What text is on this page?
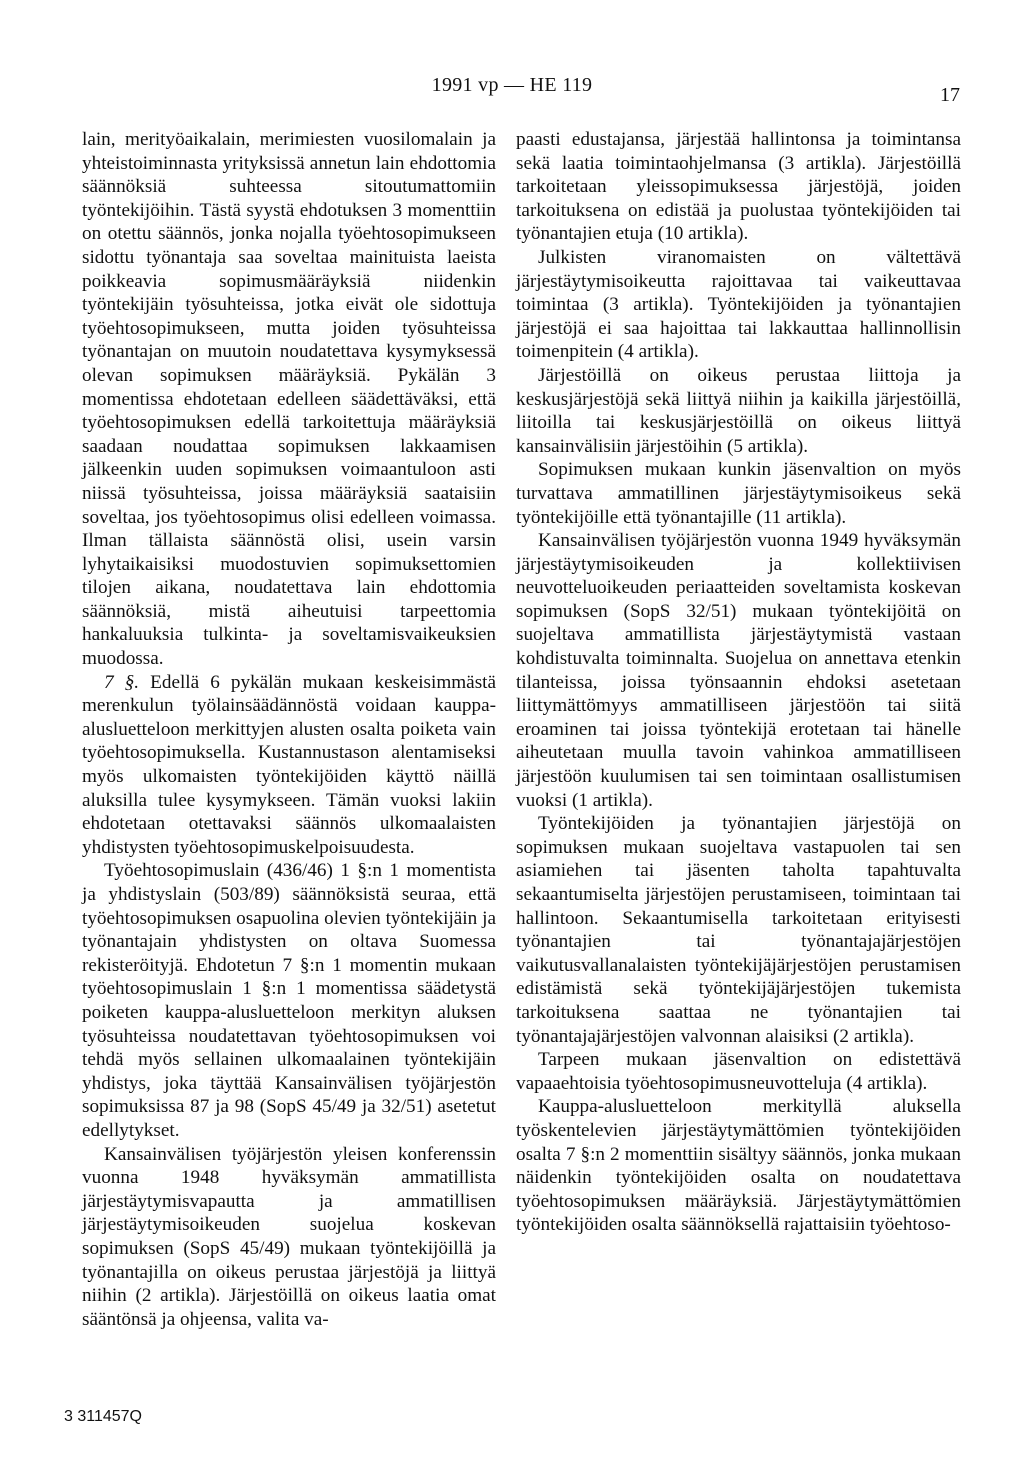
1991 vp — HE 119	17

lain, merityöaikalain, merimiesten vuosilomalain ja yhteistoiminnasta yrityksissä annetun lain ehdottomia säännöksiä suhteessa sitoutumattomiin työntekijöihin. Tästä syystä ehdotuksen 3 momenttiin on otettu säännös, jonka nojalla työehtosopimukseen sidottu työnantaja saa soveltaa mainituista laeista poikkeavia sopimusmääräyksiä niidenkin työntekijäin työsuhteissa, jotka eivät ole sidottuja työehtosopimukseen, mutta joiden työsuhteissa työnantajan on muutoin noudatettava kysymyksessä olevan sopimuksen määräyksiä. Pykälän 3 momentissa ehdotetaan edelleen säädettäväksi, että työehtosopimuksen edellä tarkoitettuja määräyksiä saadaan noudattaa sopimuksen lakkaamisen jälkeenkin uuden sopimuksen voimaantuloon asti niissä työsuhteissa, joissa määräyksiä saataisiin soveltaa, jos työehtosopimus olisi edelleen voimassa. Ilman tällaista säännöstä olisi, usein varsin lyhytaikaisiksi muodostuvien sopimuksettomien tilojen aikana, noudatettava lain ehdottomia säännöksiä, mistä aiheutuisi tarpeettomia hankaluuksia tulkinta- ja soveltamisvaikeuksien muodossa.

7 §. Edellä 6 pykälän mukaan keskeisimmästä merenkulun työlainsäädännöstä voidaan kauppa-alusluetteloon merkittyjen alusten osalta poiketa vain työehtosopimuksella. Kustannustason alentamiseksi myös ulkomaisten työntekijöiden käyttö näillä aluksilla tulee kysymykseen. Tämän vuoksi lakiin ehdotetaan otettavaksi säännös ulkomaalaisten yhdistysten työehtosopimuskelpoisuudesta.

Työehtosopimuslain (436/46) 1 §:n 1 momentista ja yhdistyslain (503/89) säännöksistä seuraa, että työehtosopimuksen osapuolina olevien työntekijäin ja työnantajain yhdistysten on oltava Suomessa rekisteröityjä. Ehdotetun 7 §:n 1 momentin mukaan työehtosopimuslain 1 §:n 1 momentissa säädetystä poiketen kauppa-alusluetteloon merkityn aluksen työsuhteissa noudatettavan työehtosopimuksen voi tehdä myös sellainen ulkomaalainen työntekijäin yhdistys, joka täyttää Kansainvälisen työjärjestön sopimuksissa 87 ja 98 (SopS 45/49 ja 32/51) asetetut edellytykset.

Kansainvälisen työjärjestön yleisen konferenssin vuonna 1948 hyväksymän ammatillista järjestäytymisvapautta ja ammatillisen järjestäytymisoikeuden suojelua koskevan sopimuksen (SopS 45/49) mukaan työntekijöillä ja työnantajilla on oikeus perustaa järjestöjä ja liittyä niihin (2 artikla). Järjestöillä on oikeus laatia omat sääntönsä ja ohjeensa, valita va-

paasti edustajansa, järjestää hallintonsa ja toimintansa sekä laatia toimintaohjelmansa (3 artikla). Järjestöillä tarkoitetaan yleissopimuksessa järjestöjä, joiden tarkoituksena on edistää ja puolustaa työntekijöiden tai työnantajien etuja (10 artikla).

Julkisten viranomaisten on vältettävä järjestäytymisoikeutta rajoittavaa tai vaikeuttavaa toimintaa (3 artikla). Työntekijöiden ja työnantajien järjestöjä ei saa hajoittaa tai lakkauttaa hallinnollisin toimenpitein (4 artikla).

Järjestöillä on oikeus perustaa liittoja ja keskusjärjestöjä sekä liittyä niihin ja kaikilla järjestöillä, liitoilla tai keskusjärjestöillä on oikeus liittyä kansainvälisiin järjestöihin (5 artikla).

Sopimuksen mukaan kunkin jäsenvaltion on myös turvattava ammatillinen järjestäytymisoikeus sekä työntekijöille että työnantajille (11 artikla).

Kansainvälisen työjärjestön vuonna 1949 hyväksymän järjestäytymisoikeuden ja kollektiivisen neuvotteluoikeuden periaatteiden soveltamista koskevan sopimuksen (SopS 32/51) mukaan työntekijöitä on suojeltava ammatillista järjestäytymistä vastaan kohdistuvalta toiminnalta. Suojelua on annettava etenkin tilanteissa, joissa työnsaannin ehdoksi asetetaan liittymättömyys ammatilliseen järjestöön tai siitä eroaminen tai joissa työntekijä erotetaan tai hänelle aiheutetaan muulla tavoin vahinkoa ammatilliseen järjestöön kuulumisen tai sen toimintaan osallistumisen vuoksi (1 artikla).

Työntekijöiden ja työnantajien järjestöjä on sopimuksen mukaan suojeltava vastapuolen tai sen asiamiehen tai jäsenten taholta tapahtuvalta sekaantumiselta järjestöjen perustamiseen, toimintaan tai hallintoon. Sekaantumisella tarkoitetaan erityisesti työnantajien tai työnantajajärjestöjen vaikutusvallanalaisten työntekijäjärjestöjen perustamisen edistämistä sekä työntekijäjärjestöjen tukemista tarkoituksena saattaa ne työnantajien tai työnantajajärjestöjen valvonnan alaisiksi (2 artikla).

Tarpeen mukaan jäsenvaltion on edistettävä vapaaehtoisia työehtosopimusneuvotteluja (4 artikla).

Kauppa-alusluetteloon merkityllä aluksella työskentelevien järjestäytymättömien työntekijöiden osalta 7 §:n 2 momenttiin sisältyy säännös, jonka mukaan näidenkin työntekijöiden osalta on noudatettava työehtosopimuksen määräyksiä. Järjestäytymättömien työntekijöiden osalta säännöksellä rajattaisiin työehtoso-

3 311457Q
